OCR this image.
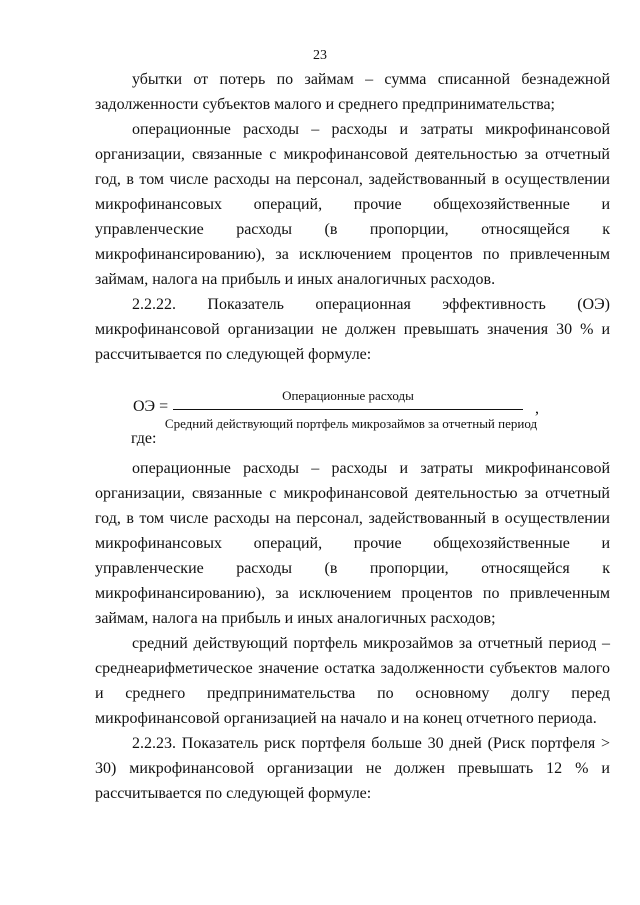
23

убытки от потерь по займам – сумма списанной безнадежной задолженности субъектов малого и среднего предпринимательства;

операционные расходы – расходы и затраты микрофинансовой организации, связанные с микрофинансовой деятельностью за отчетный год, в том числе расходы на персонал, задействованный в осуществлении микрофинансовых операций, прочие общехозяйственные и управленческие расходы (в пропорции, относящейся к микрофинансированию), за исключением процентов по привлеченным займам, налога на прибыль и иных аналогичных расходов.

2.2.22. Показатель операционная эффективность (ОЭ) микрофинансовой организации не должен превышать значения 30 % и рассчитывается по следующей формуле:

ОЭ =
Операционные расходы
Средний действующий портфель микрозаймов за отчетный период
,
где:

операционные расходы – расходы и затраты микрофинансовой организации, связанные с микрофинансовой деятельностью за отчетный год, в том числе расходы на персонал, задействованный в осуществлении микрофинансовых операций, прочие общехозяйственные и управленческие расходы (в пропорции, относящейся к микрофинансированию), за исключением процентов по привлеченным займам, налога на прибыль и иных аналогичных расходов;

средний действующий портфель микрозаймов за отчетный период – среднеарифметическое значение остатка задолженности субъектов малого и среднего предпринимательства по основному долгу перед микрофинансовой организацией на начало и на конец отчетного периода.

2.2.23. Показатель риск портфеля больше 30 дней (Риск портфеля > 30) микрофинансовой организации не должен превышать 12 % и рассчитывается по следующей формуле:
